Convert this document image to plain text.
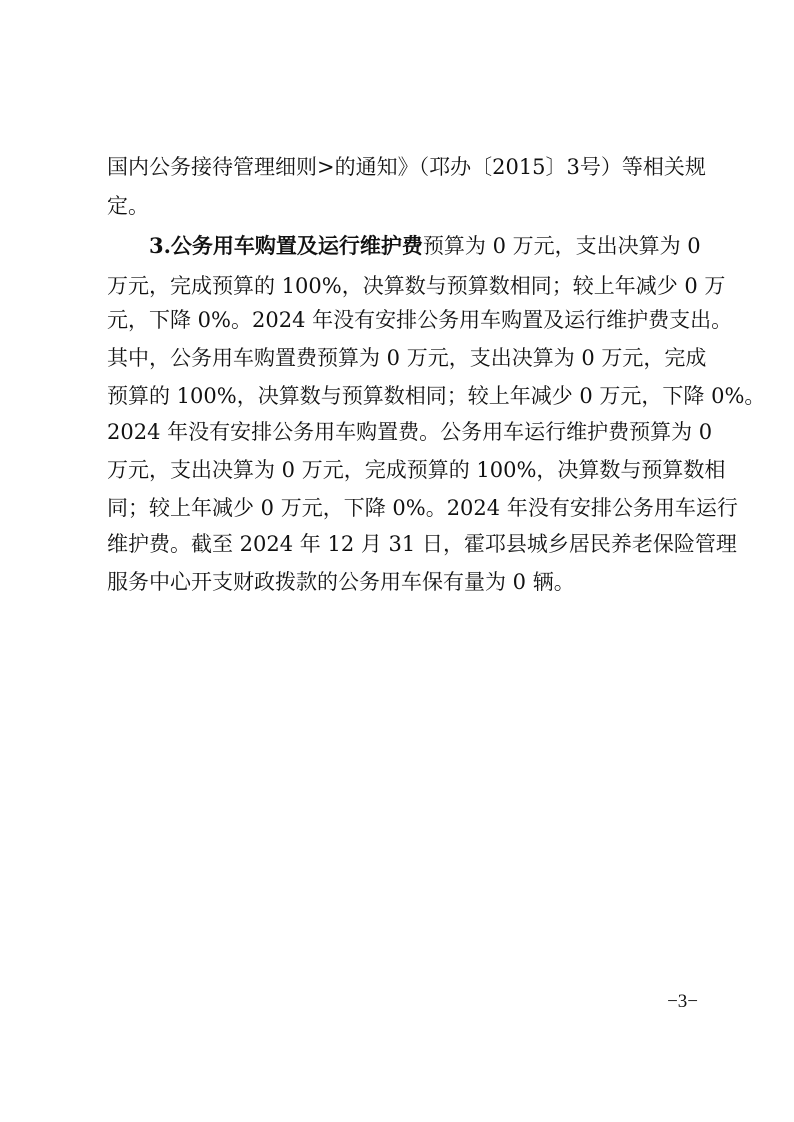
国内公务接待管理细则>的通知》（邛办〔2015〕3号）等相关规
定。
3.公务用车购置及运行维护费预算为 0 万元，支出决算为 0
万元，完成预算的 100%，决算数与预算数相同；较上年减少 0 万
元，下降 0%。2024 年没有安排公务用车购置及运行维护费支出。
其中，公务用车购置费预算为 0 万元，支出决算为 0 万元，完成
预算的 100%，决算数与预算数相同；较上年减少 0 万元，下降 0%。
2024 年没有安排公务用车购置费。公务用车运行维护费预算为 0
万元，支出决算为 0 万元，完成预算的 100%，决算数与预算数相
同；较上年减少 0 万元，下降 0%。2024 年没有安排公务用车运行
维护费。截至 2024 年 12 月 31 日，霍邛县城乡居民养老保险管理
服务中心开支财政拨款的公务用车保有量为 0 辆。
−3−
